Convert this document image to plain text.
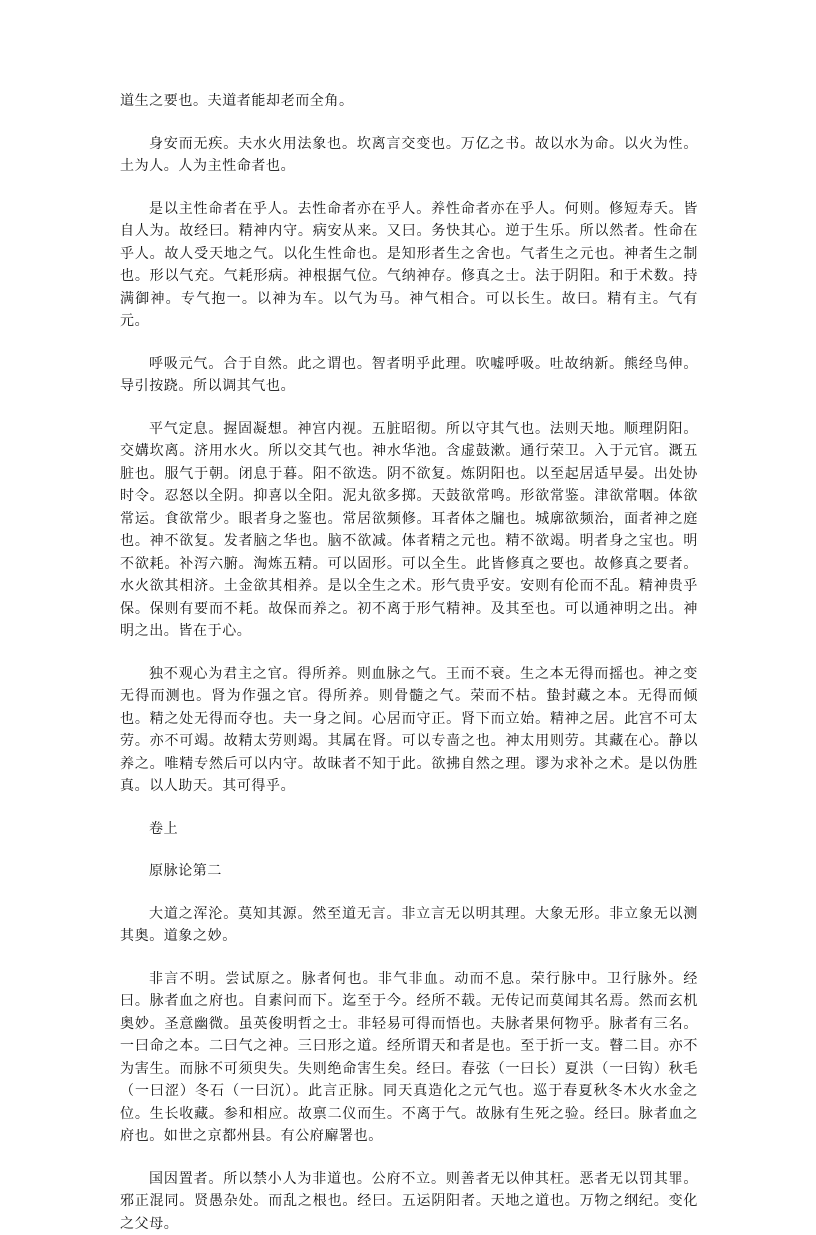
道生之要也。夫道者能却老而全角。

身安而无疾。夫水火用法象也。坎离言交变也。万亿之书。故以水为命。以火为性。土为人。人为主性命者也。

是以主性命者在乎人。去性命者亦在乎人。养性命者亦在乎人。何则。修短寿夭。皆自人为。故经曰。精神内守。病安从来。又曰。务快其心。逆于生乐。所以然者。性命在乎人。故人受天地之气。以化生性命也。是知形者生之舍也。气者生之元也。神者生之制也。形以气充。气耗形病。神根据气位。气纳神存。修真之士。法于阴阳。和于术数。持满御神。专气抱一。以神为车。以气为马。神气相合。可以长生。故曰。精有主。气有元。

呼吸元气。合于自然。此之谓也。智者明乎此理。吹嘘呼吸。吐故纳新。熊经鸟伸。导引按跷。所以调其气也。

平气定息。握固凝想。神宫内视。五脏昭彻。所以守其气也。法则天地。顺理阴阳。交媾坎离。济用水火。所以交其气也。神水华池。含虚鼓漱。通行荣卫。入于元官。溉五脏也。服气于朝。闭息于暮。阳不欲迭。阴不欲复。炼阴阳也。以至起居适早晏。出处协时令。忍怒以全阴。抑喜以全阳。泥丸欲多掷。天鼓欲常鸣。形欲常鉴。津欲常咽。体欲常运。食欲常少。眼者身之鉴也。常居欲频修。耳者体之牖也。城廓欲频治，面者神之庭也。神不欲复。发者脑之华也。脑不欲减。体者精之元也。精不欲竭。明者身之宝也。明不欲耗。补泻六腑。淘炼五精。可以固形。可以全生。此皆修真之要也。故修真之要者。水火欲其相济。土金欲其相养。是以全生之术。形气贵乎安。安则有伦而不乱。精神贵乎保。保则有要而不耗。故保而养之。初不离于形气精神。及其至也。可以通神明之出。神明之出。皆在于心。

独不观心为君主之官。得所养。则血脉之气。王而不衰。生之本无得而摇也。神之变无得而测也。肾为作强之官。得所养。则骨髓之气。荣而不枯。蛰封藏之本。无得而倾也。精之处无得而夺也。夫一身之间。心居而守正。肾下而立始。精神之居。此宫不可太劳。亦不可竭。故精太劳则竭。其属在肾。可以专啬之也。神太用则劳。其藏在心。静以养之。唯精专然后可以内守。故昧者不知于此。欲拂自然之理。谬为求补之术。是以伪胜真。以人助天。其可得乎。

卷上

原脉论第二

大道之浑沦。莫知其源。然至道无言。非立言无以明其理。大象无形。非立象无以测其奥。道象之妙。

非言不明。尝试原之。脉者何也。非气非血。动而不息。荣行脉中。卫行脉外。经曰。脉者血之府也。自素问而下。迄至于今。经所不载。无传记而莫闻其名焉。然而玄机奥妙。圣意幽微。虽英俊明哲之士。非轻易可得而悟也。夫脉者果何物乎。脉者有三名。一曰命之本。二曰气之神。三曰形之道。经所谓天和者是也。至于折一支。瞽二目。亦不为害生。而脉不可须臾失。失则绝命害生矣。经曰。春弦（一曰长）夏洪（一曰钩）秋毛（一曰涩）冬石（一曰沉）。此言正脉。同天真造化之元气也。巡于春夏秋冬木火水金之位。生长收藏。参和相应。故禀二仪而生。不离于气。故脉有生死之验。经曰。脉者血之府也。如世之京都州县。有公府廨署也。

国因置者。所以禁小人为非道也。公府不立。则善者无以伸其枉。恶者无以罚其罪。邪正混同。贤愚杂处。而乱之根也。经曰。五运阴阳者。天地之道也。万物之纲纪。变化之父母。
